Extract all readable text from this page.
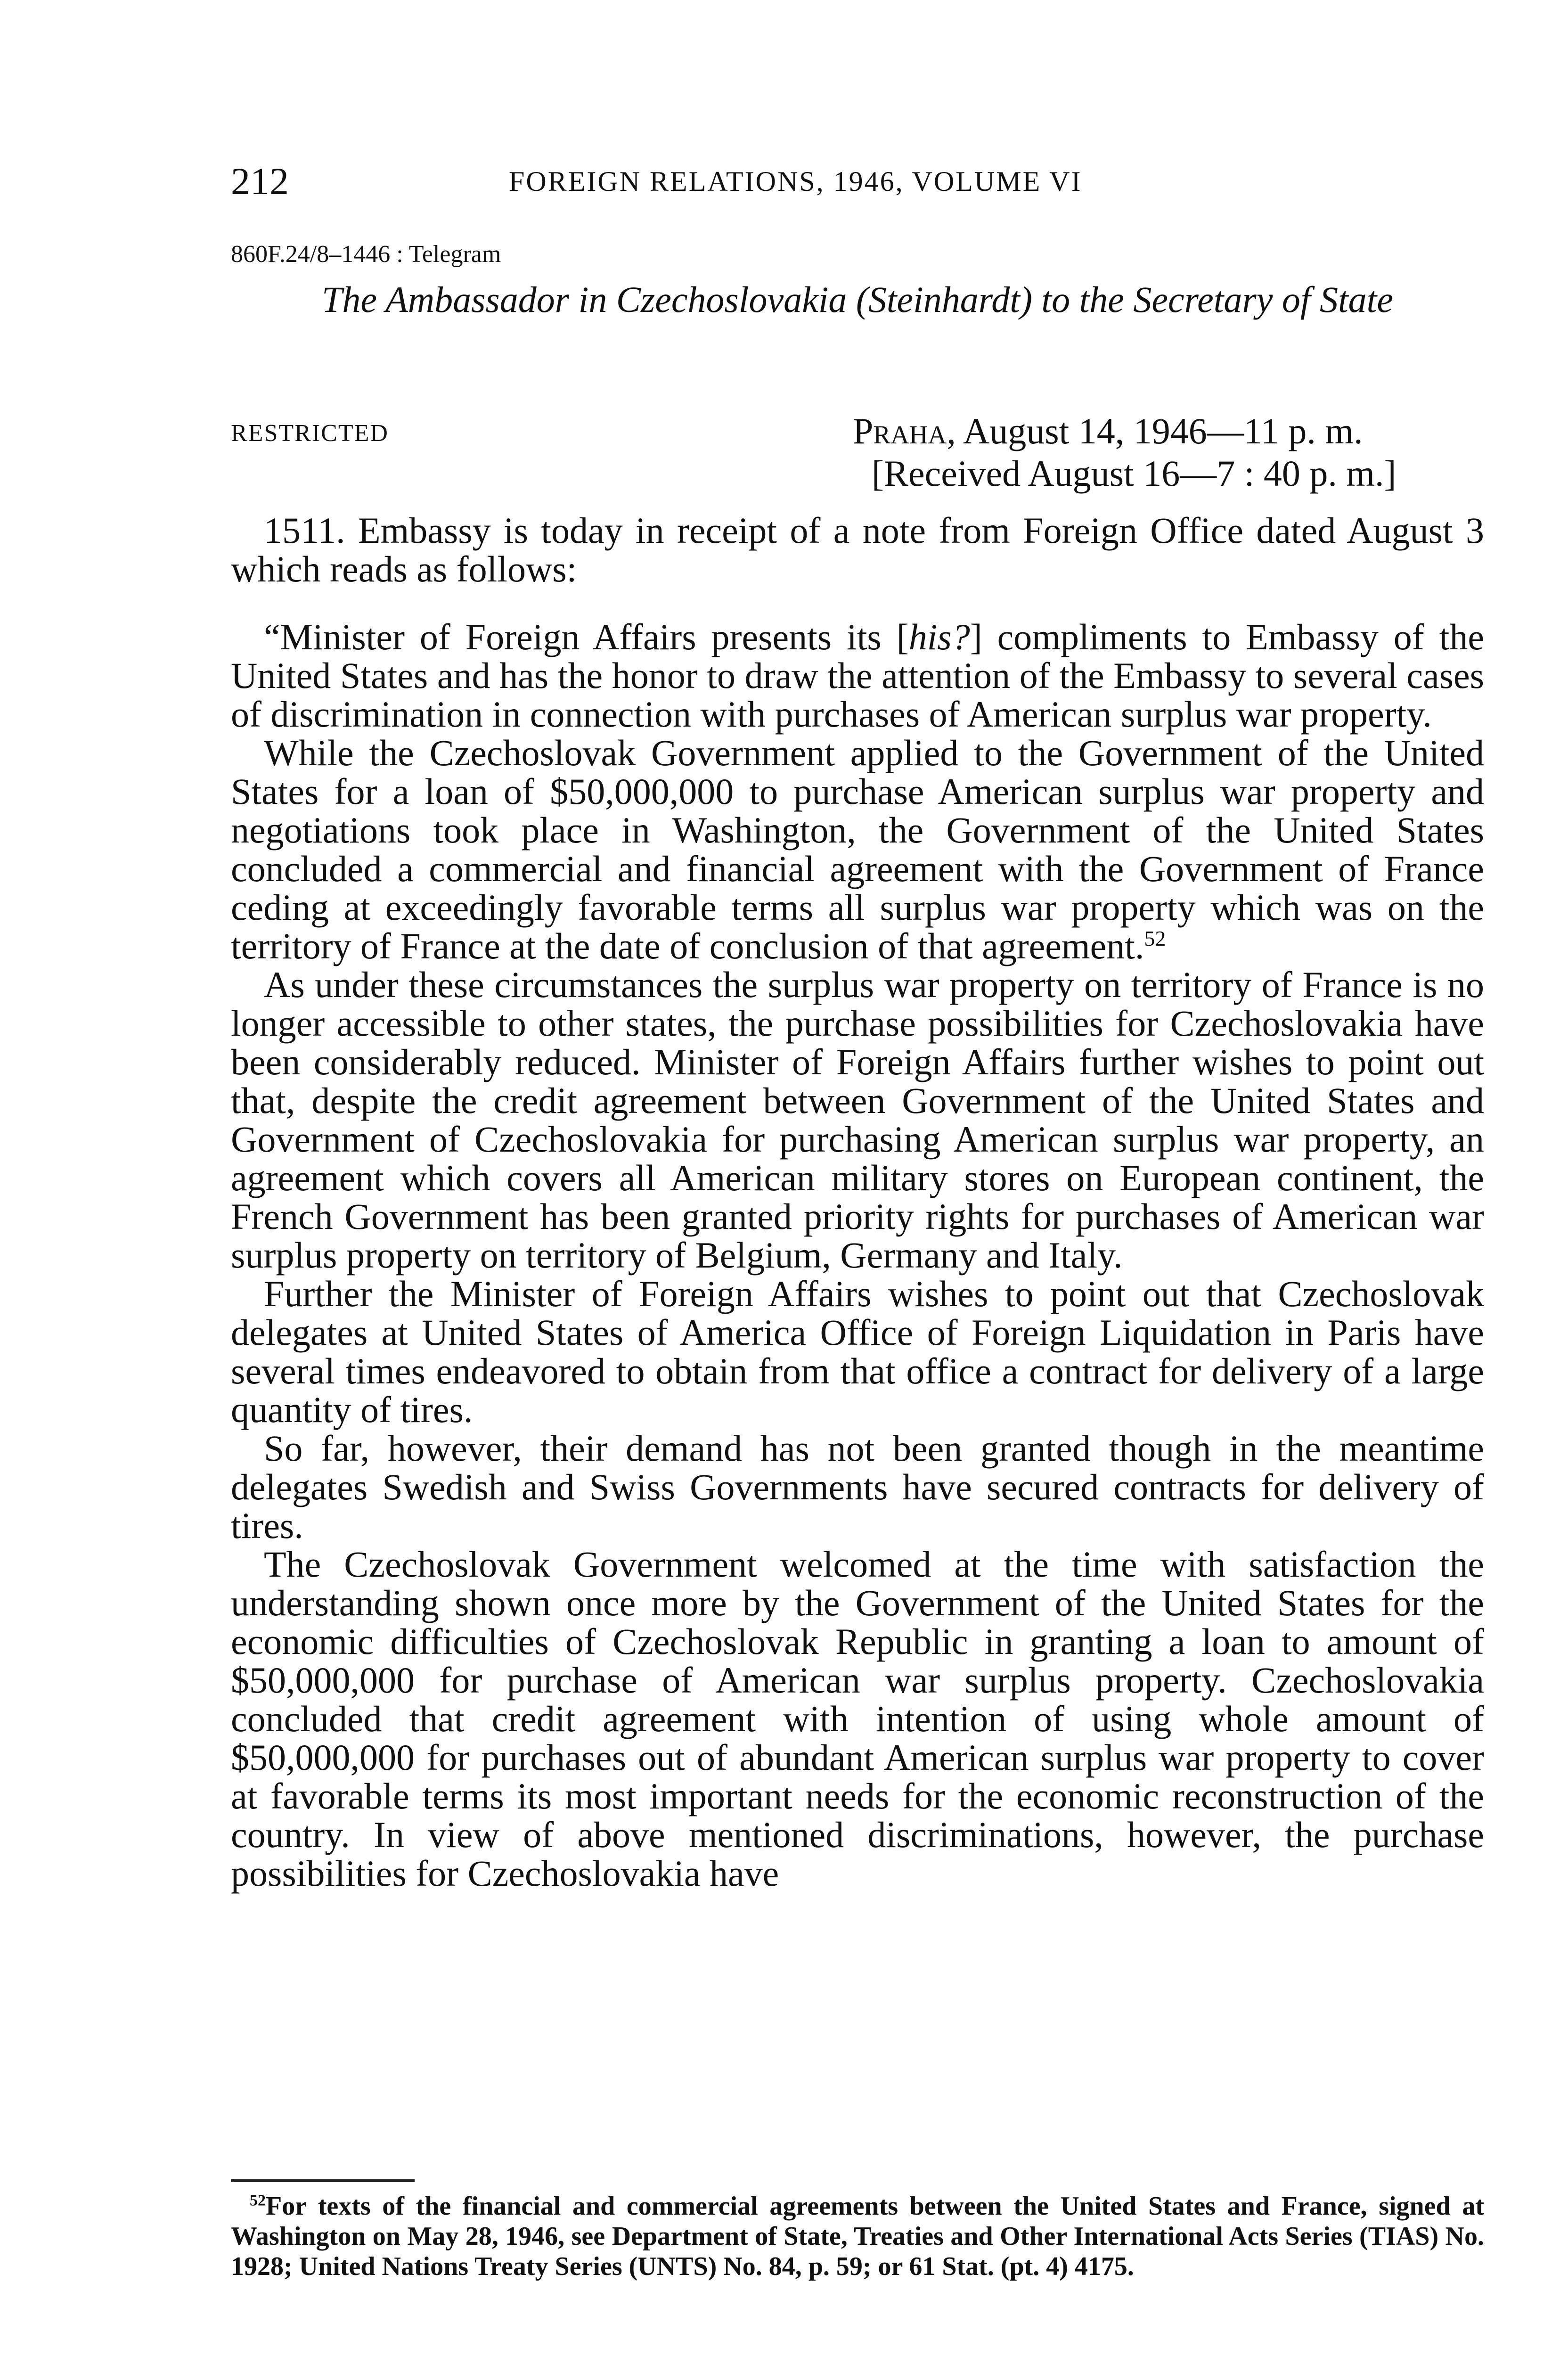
212	FOREIGN RELATIONS, 1946, VOLUME VI
860F.24/8–1446 : Telegram
The Ambassador in Czechoslovakia (Steinhardt) to the Secretary of State
RESTRICTED	Praha, August 14, 1946—11 p. m.
[Received August 16—7 : 40 p. m.]

1511. Embassy is today in receipt of a note from Foreign Office dated August 3 which reads as follows:

“Minister of Foreign Affairs presents its [his?] compliments to Embassy of the United States and has the honor to draw the attention of the Embassy to several cases of discrimination in connection with purchases of American surplus war property.

While the Czechoslovak Government applied to the Government of the United States for a loan of $50,000,000 to purchase American surplus war property and negotiations took place in Washington, the Government of the United States concluded a commercial and financial agreement with the Government of France ceding at exceedingly favorable terms all surplus war property which was on the territory of France at the date of conclusion of that agreement.$^{52}$

As under these circumstances the surplus war property on territory of France is no longer accessible to other states, the purchase possibilities for Czechoslovakia have been considerably reduced. Minister of Foreign Affairs further wishes to point out that, despite the credit agreement between Government of the United States and Government of Czechoslovakia for purchasing American surplus war property, an agreement which covers all American military stores on European continent, the French Government has been granted priority rights for purchases of American war surplus property on territory of Belgium, Germany and Italy.

Further the Minister of Foreign Affairs wishes to point out that Czechoslovak delegates at United States of America Office of Foreign Liquidation in Paris have several times endeavored to obtain from that office a contract for delivery of a large quantity of tires.

So far, however, their demand has not been granted though in the meantime delegates Swedish and Swiss Governments have secured contracts for delivery of tires.

The Czechoslovak Government welcomed at the time with satisfaction the understanding shown once more by the Government of the United States for the economic difficulties of Czechoslovak Republic in granting a loan to amount of $50,000,000 for purchase of American war surplus property. Czechoslovakia concluded that credit agreement with intention of using whole amount of $50,000,000 for purchases out of abundant American surplus war property to cover at favorable terms its most important needs for the economic reconstruction of the country. In view of above mentioned discriminations, however, the purchase possibilities for Czechoslovakia have

$^{52}$For texts of the financial and commercial agreements between the United States and France, signed at Washington on May 28, 1946, see Department of State, Treaties and Other International Acts Series (TIAS) No. 1928; United Nations Treaty Series (UNTS) No. 84, p. 59; or 61 Stat. (pt. 4) 4175.
